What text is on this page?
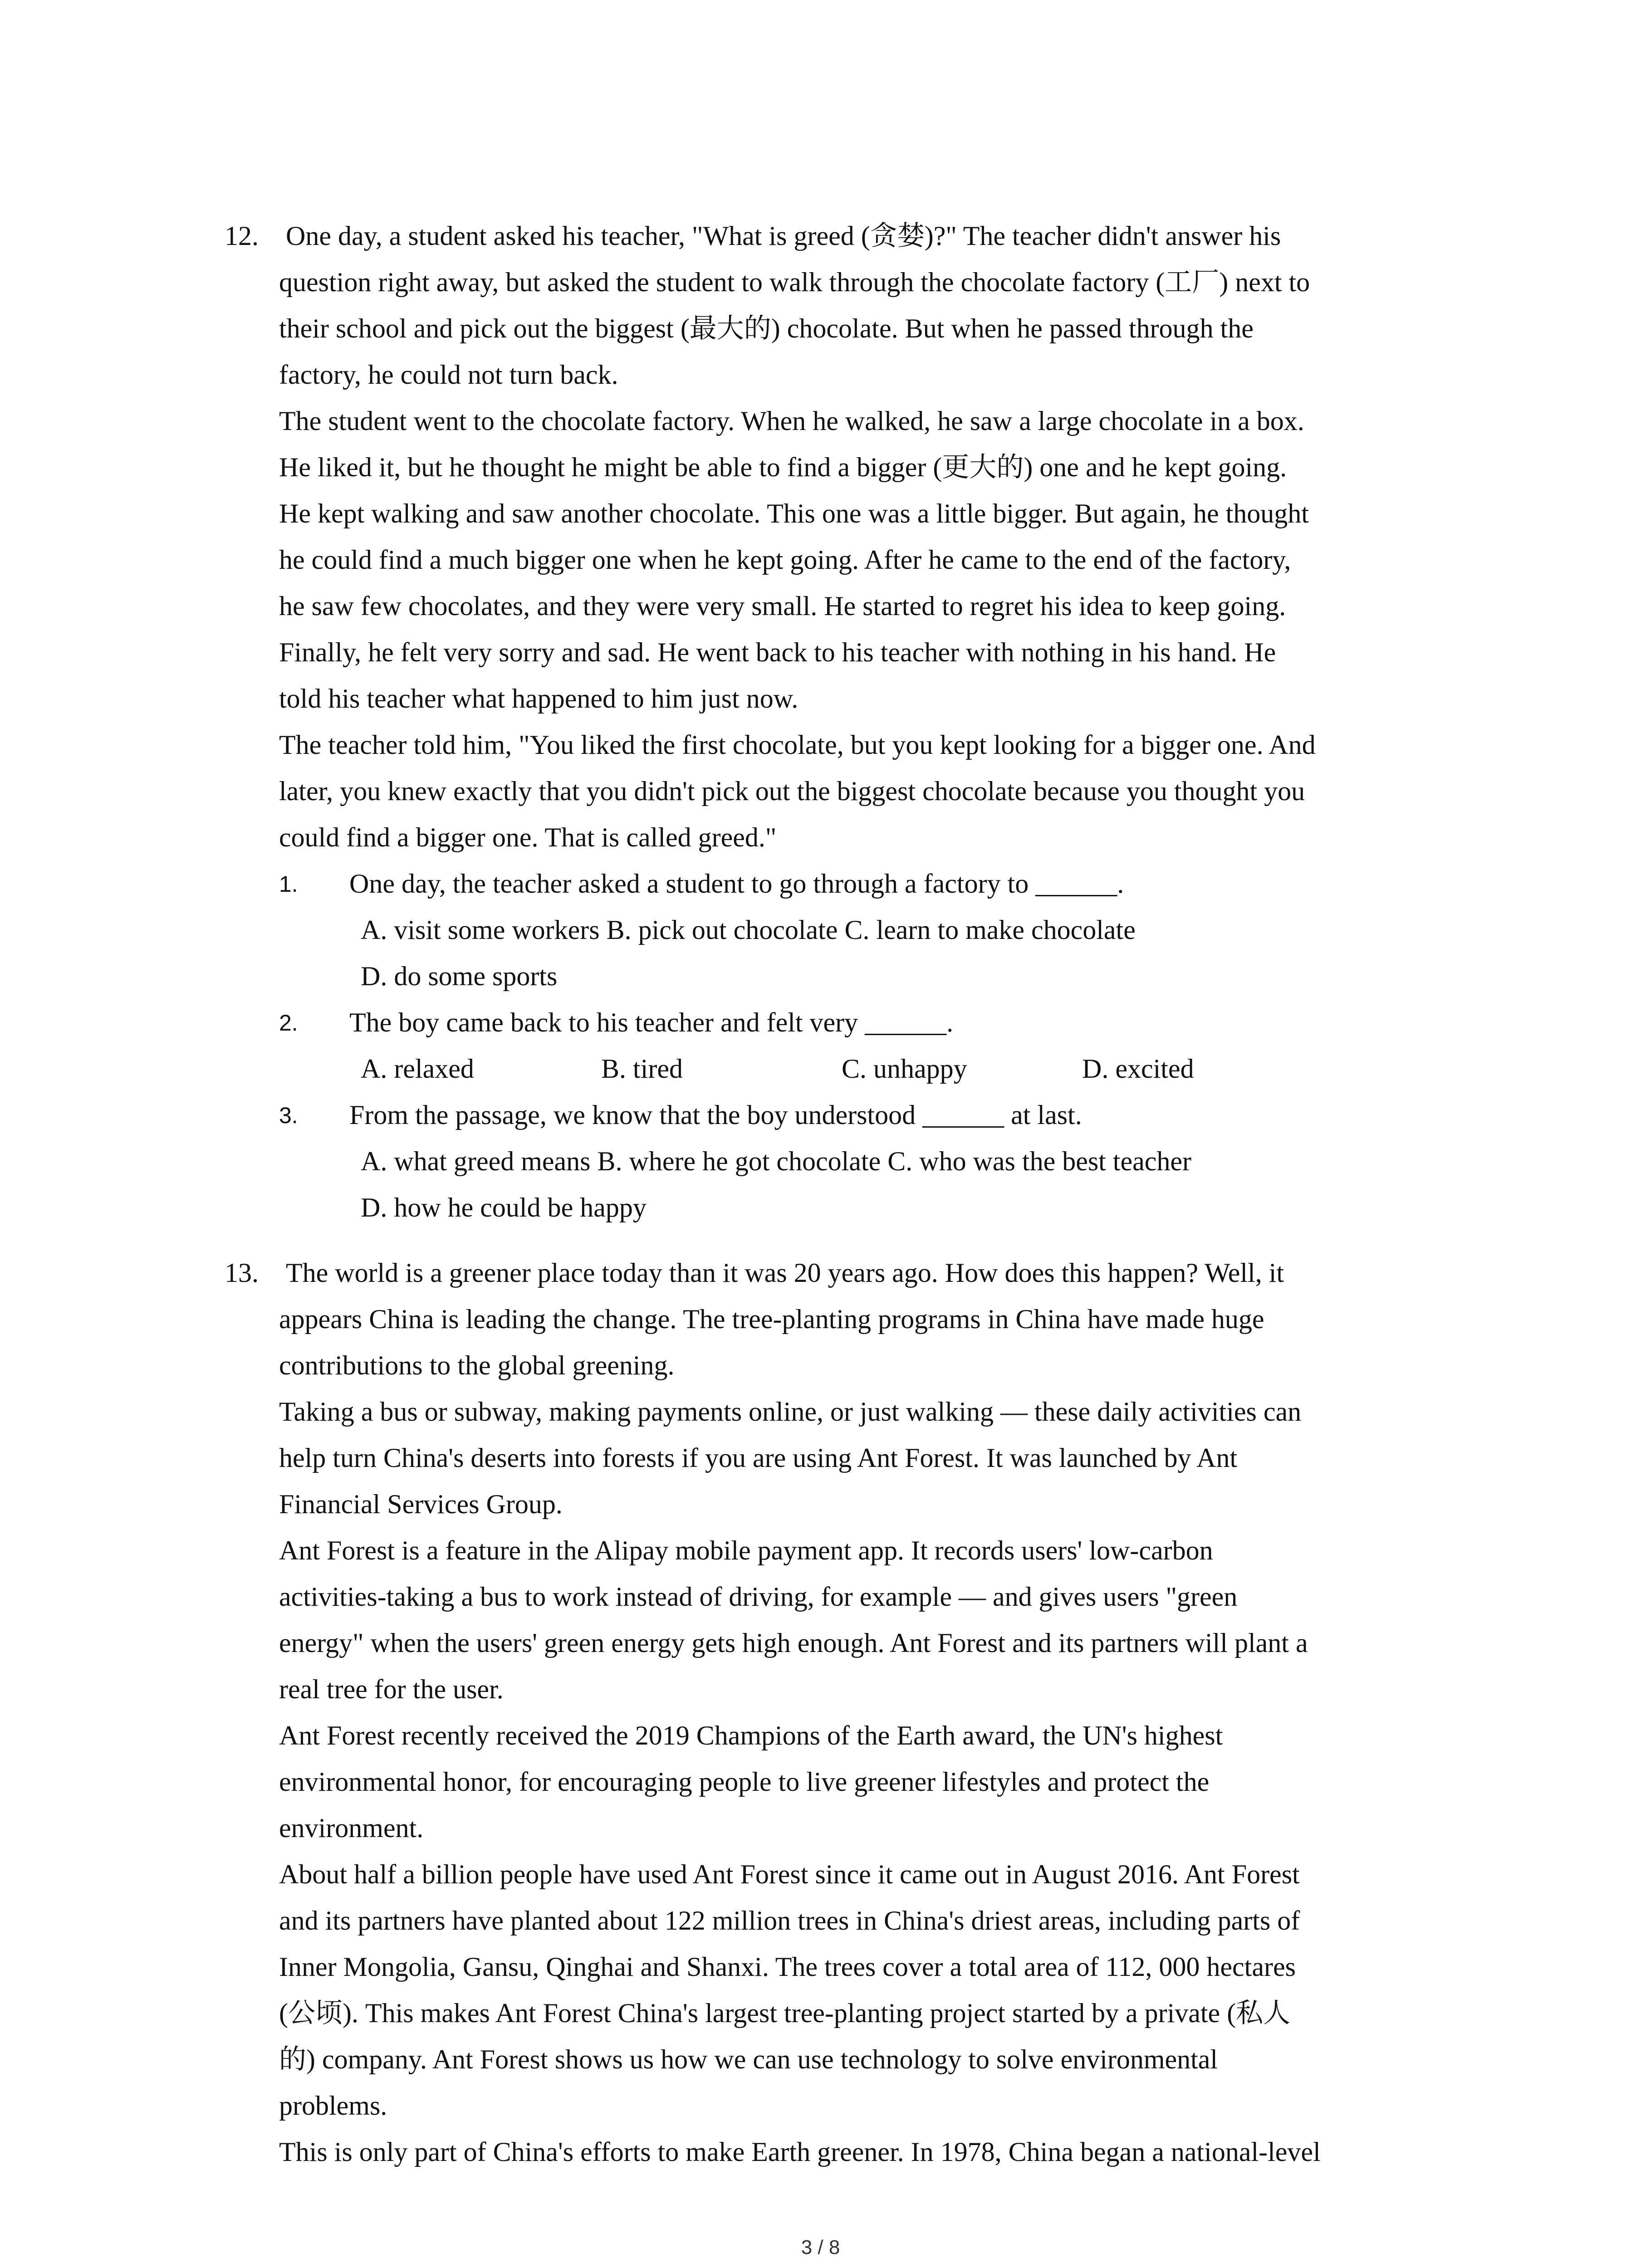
12. One day, a student asked his teacher, "What is greed (贪婪)?" The teacher didn't answer his
question right away, but asked the student to walk through the chocolate factory (工厂) next to
their school and pick out the biggest (最大的) chocolate. But when he passed through the
factory, he could not turn back.
The student went to the chocolate factory. When he walked, he saw a large chocolate in a box.
He liked it, but he thought he might be able to find a bigger (更大的) one and he kept going.
He kept walking and saw another chocolate. This one was a little bigger. But again, he thought
he could find a much bigger one when he kept going. After he came to the end of the factory,
he saw few chocolates, and they were very small. He started to regret his idea to keep going.
Finally, he felt very sorry and sad. He went back to his teacher with nothing in his hand. He
told his teacher what happened to him just now.
The teacher told him, "You liked the first chocolate, but you kept looking for a bigger one. And
later, you knew exactly that you didn't pick out the biggest chocolate because you thought you
could find a bigger one. That is called greed."
1. One day, the teacher asked a student to go through a factory to ______.
A. visit some workers B. pick out chocolate C. learn to make chocolate
D. do some sports
2. The boy came back to his teacher and felt very ______.
A. relaxed	B. tired	C. unhappy	D. excited
3. From the passage, we know that the boy understood ______ at last.
A. what greed means B. where he got chocolate C. who was the best teacher
D. how he could be happy
13. The world is a greener place today than it was 20 years ago. How does this happen? Well, it
appears China is leading the change. The tree-planting programs in China have made huge
contributions to the global greening.
Taking a bus or subway, making payments online, or just walking — these daily activities can
help turn China's deserts into forests if you are using Ant Forest. It was launched by Ant
Financial Services Group.
Ant Forest is a feature in the Alipay mobile payment app. It records users' low-carbon
activities-taking a bus to work instead of driving, for example — and gives users "green
energy" when the users' green energy gets high enough. Ant Forest and its partners will plant a
real tree for the user.
Ant Forest recently received the 2019 Champions of the Earth award, the UN's highest
environmental honor, for encouraging people to live greener lifestyles and protect the
environment.
About half a billion people have used Ant Forest since it came out in August 2016. Ant Forest
and its partners have planted about 122 million trees in China's driest areas, including parts of
Inner Mongolia, Gansu, Qinghai and Shanxi. The trees cover a total area of 112, 000 hectares
(公顷). This makes Ant Forest China's largest tree-planting project started by a private (私人
的) company. Ant Forest shows us how we can use technology to solve environmental
problems.
This is only part of China's efforts to make Earth greener. In 1978, China began a national-level
3 / 8
